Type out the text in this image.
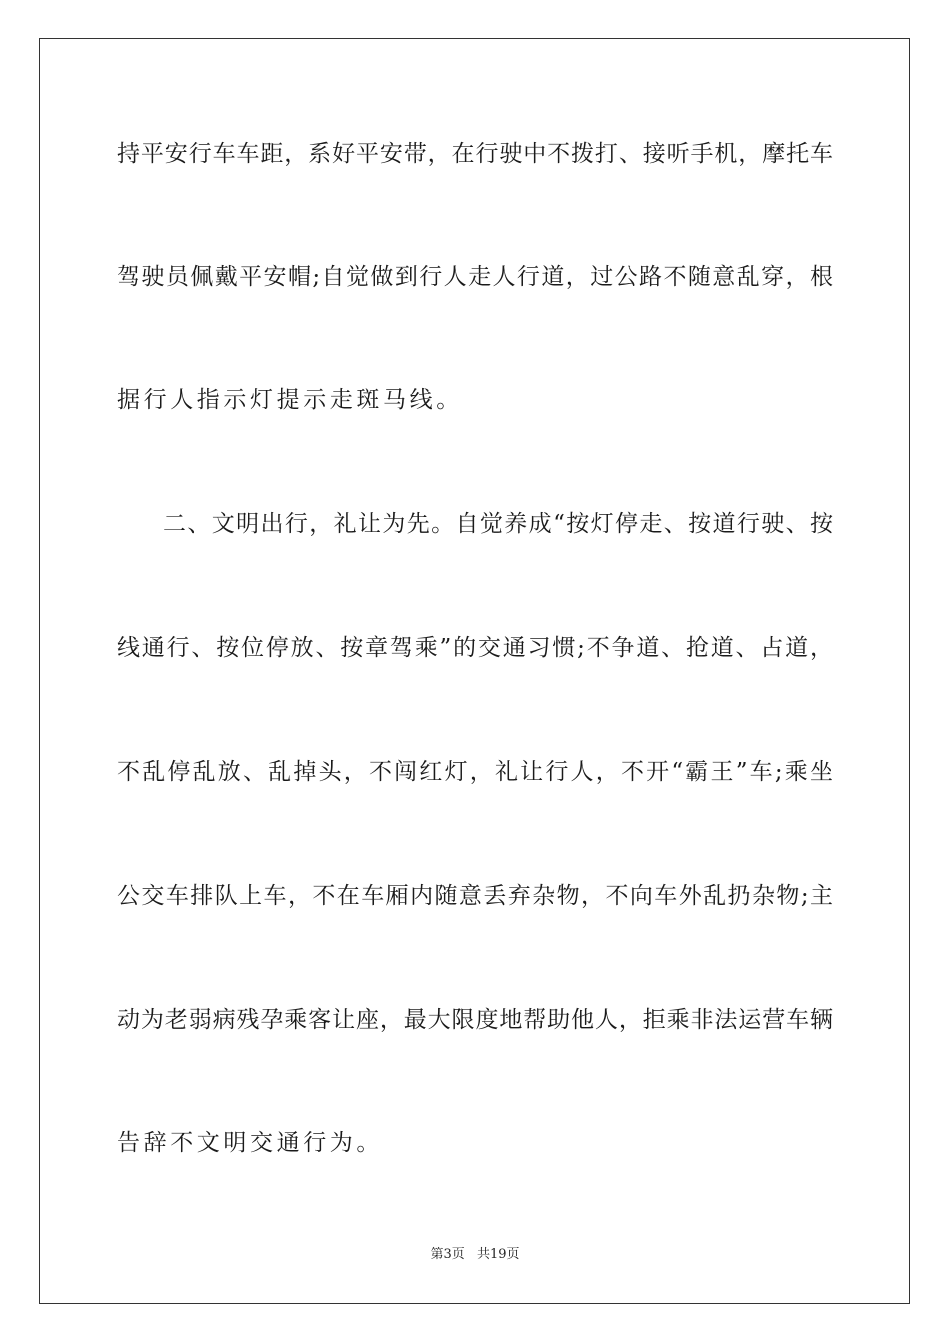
持平安行车车距，系好平安带，在行驶中不拨打、接听手机，摩托车
驾驶员佩戴平安帽;自觉做到行人走人行道，过公路不随意乱穿，根
据行人指示灯提示走斑马线。
二、文明出行，礼让为先。自觉养成“按灯停走、按道行驶、按
线通行、按位停放、按章驾乘”的交通习惯;不争道、抢道、占道，
不乱停乱放、乱掉头，不闯红灯，礼让行人，不开“霸王”车;乘坐
公交车排队上车，不在车厢内随意丢弃杂物，不向车外乱扔杂物;主
动为老弱病残孕乘客让座，最大限度地帮助他人，拒乘非法运营车辆
告辞不文明交通行为。
第3页 共19页
